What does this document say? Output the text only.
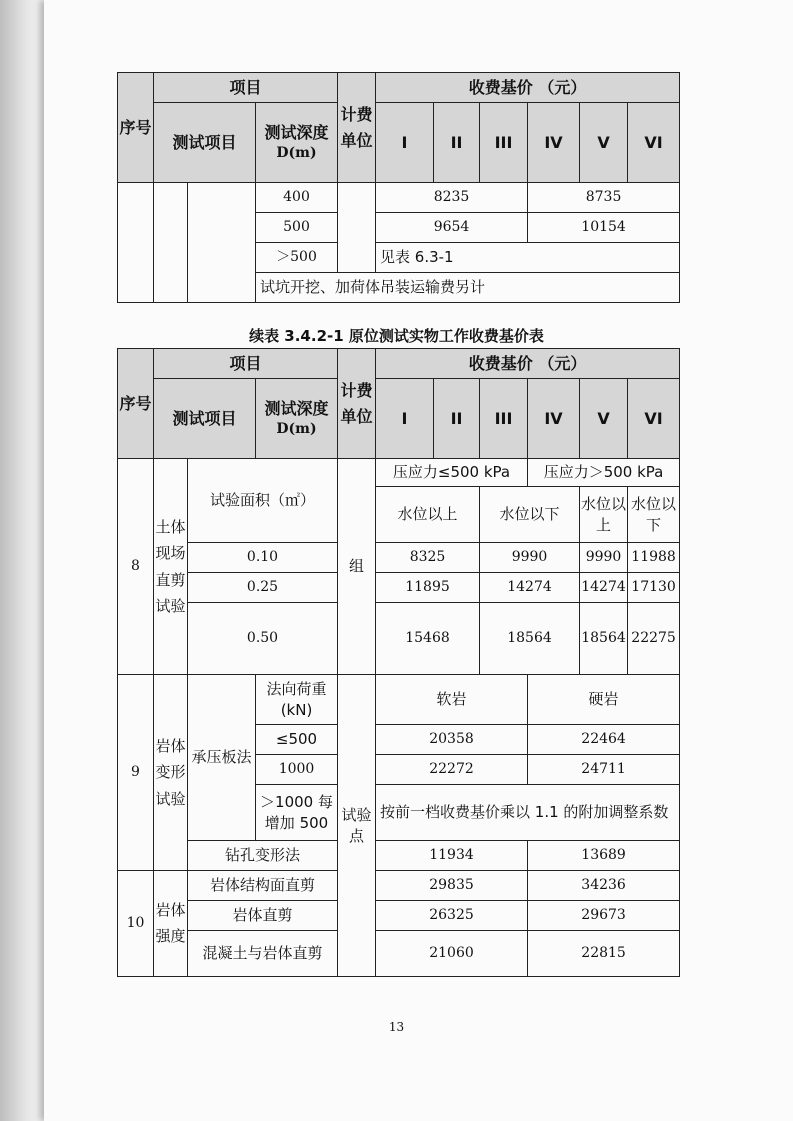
序号	项目			计费单位	收费基价 （元）					
	测试项目		测试深度
D(m)		I	II	III	IV	V	VI
			400		8235			8735		
			500		9654			10154		
			＞500		见表 6.3-1					
			试坑开挖、加荷体吊装运输费另计							
续表 3.4.2-1 原位测试实物工作收费基价表
序号	项目			计费单位	收费基价 （元）					
	测试项目		测试深度
D(m)		I	II	III	IV	V	VI
8	土体现场直剪试验	试验面积（㎡）		组	压应力≤500 kPa			压应力＞500 kPa		
					水位以上		水位以下		水位以上	水位以下

		0.10			8325		9990		9990	11988
		0.25			11895		14274		14274	17130
		0.50			15468		18564		18564	22275
9	岩体变形试验	承压板法	法向荷重(kN)	试验点	软岩			硬岩		
			≤500		20358			22464		
			1000		22272			24711		
			＞1000 每增加 500		按前一档收费基价乘以 1.1 的附加调整系数					
		钻孔变形法			11934			13689		
10	岩体强度	岩体结构面直剪			29835			34236		
		岩体直剪			26325			29673		
		混凝土与岩体直剪			21060			22815		
13
